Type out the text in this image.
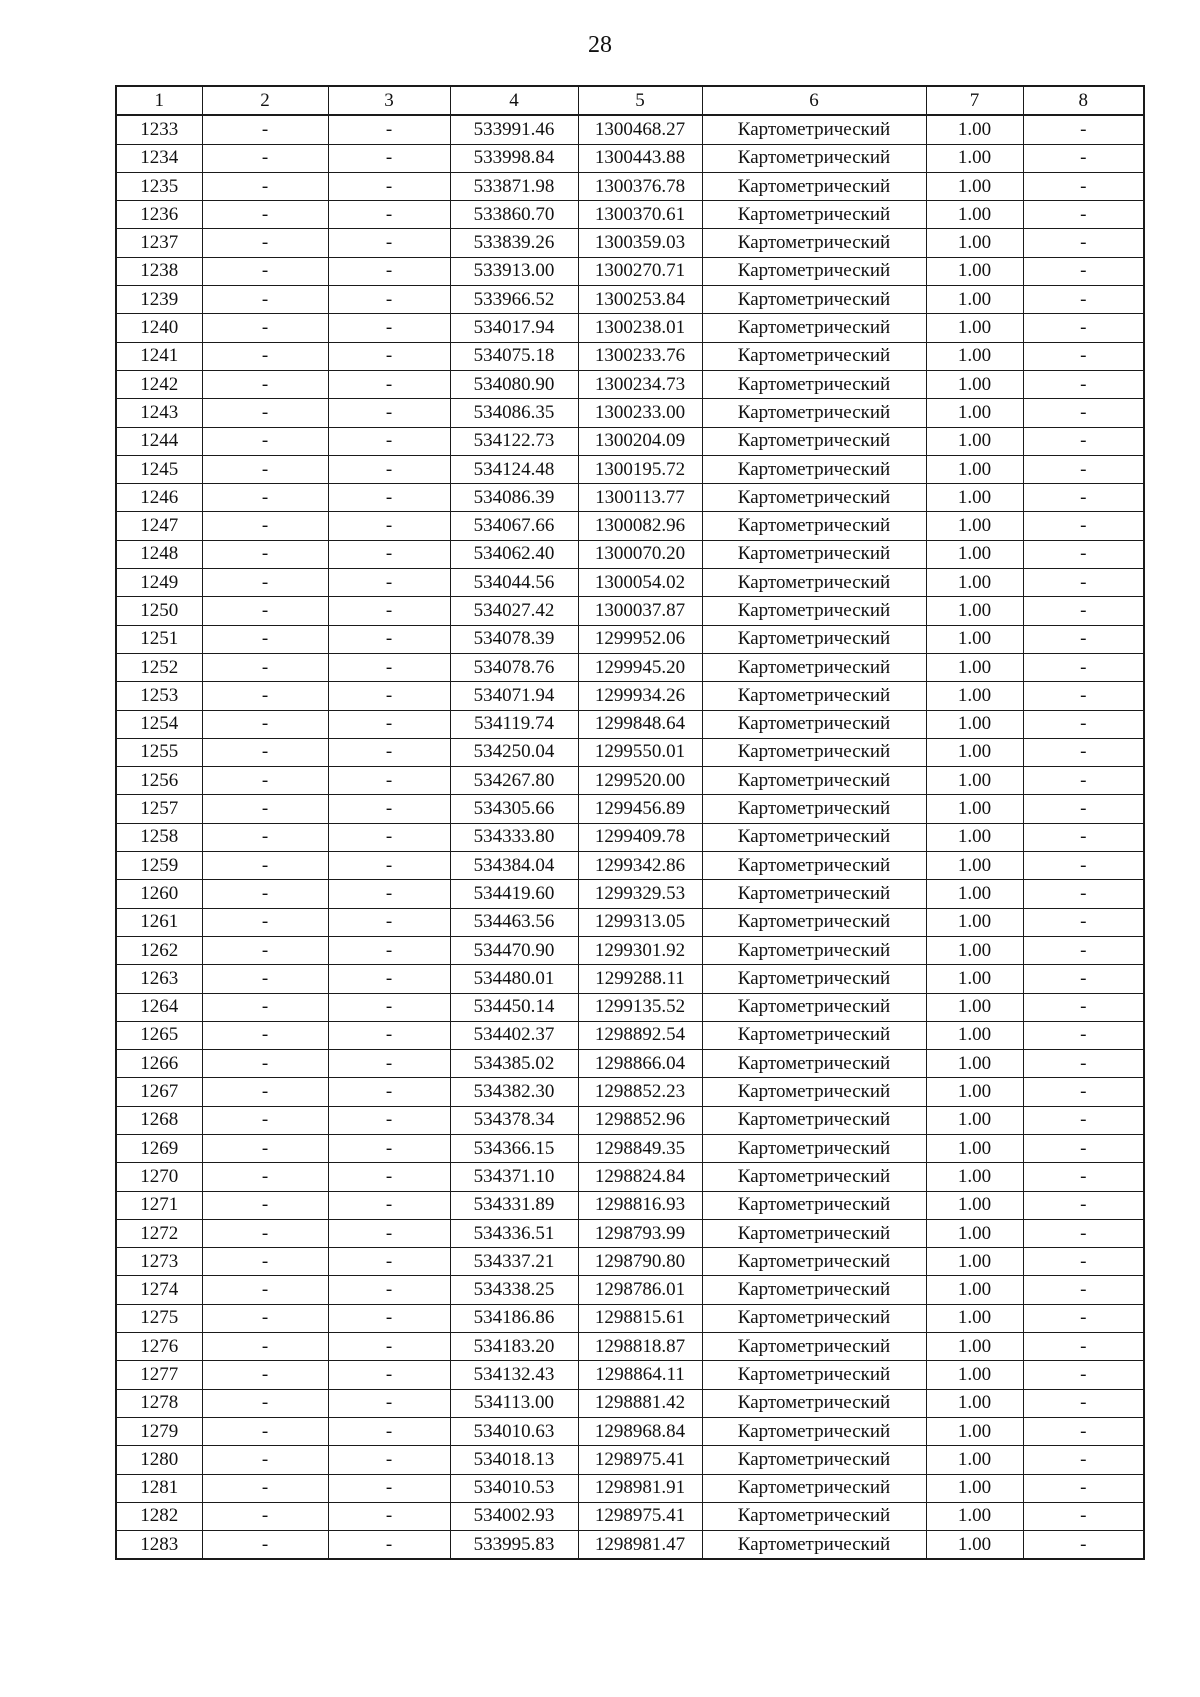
28
1	2	3	4	5	6	7	8
1233	-	-	533991.46	1300468.27	Картометрический	1.00	-
1234	-	-	533998.84	1300443.88	Картометрический	1.00	-
1235	-	-	533871.98	1300376.78	Картометрический	1.00	-
1236	-	-	533860.70	1300370.61	Картометрический	1.00	-
1237	-	-	533839.26	1300359.03	Картометрический	1.00	-
1238	-	-	533913.00	1300270.71	Картометрический	1.00	-
1239	-	-	533966.52	1300253.84	Картометрический	1.00	-
1240	-	-	534017.94	1300238.01	Картометрический	1.00	-
1241	-	-	534075.18	1300233.76	Картометрический	1.00	-
1242	-	-	534080.90	1300234.73	Картометрический	1.00	-
1243	-	-	534086.35	1300233.00	Картометрический	1.00	-
1244	-	-	534122.73	1300204.09	Картометрический	1.00	-
1245	-	-	534124.48	1300195.72	Картометрический	1.00	-
1246	-	-	534086.39	1300113.77	Картометрический	1.00	-
1247	-	-	534067.66	1300082.96	Картометрический	1.00	-
1248	-	-	534062.40	1300070.20	Картометрический	1.00	-
1249	-	-	534044.56	1300054.02	Картометрический	1.00	-
1250	-	-	534027.42	1300037.87	Картометрический	1.00	-
1251	-	-	534078.39	1299952.06	Картометрический	1.00	-
1252	-	-	534078.76	1299945.20	Картометрический	1.00	-
1253	-	-	534071.94	1299934.26	Картометрический	1.00	-
1254	-	-	534119.74	1299848.64	Картометрический	1.00	-
1255	-	-	534250.04	1299550.01	Картометрический	1.00	-
1256	-	-	534267.80	1299520.00	Картометрический	1.00	-
1257	-	-	534305.66	1299456.89	Картометрический	1.00	-
1258	-	-	534333.80	1299409.78	Картометрический	1.00	-
1259	-	-	534384.04	1299342.86	Картометрический	1.00	-
1260	-	-	534419.60	1299329.53	Картометрический	1.00	-
1261	-	-	534463.56	1299313.05	Картометрический	1.00	-
1262	-	-	534470.90	1299301.92	Картометрический	1.00	-
1263	-	-	534480.01	1299288.11	Картометрический	1.00	-
1264	-	-	534450.14	1299135.52	Картометрический	1.00	-
1265	-	-	534402.37	1298892.54	Картометрический	1.00	-
1266	-	-	534385.02	1298866.04	Картометрический	1.00	-
1267	-	-	534382.30	1298852.23	Картометрический	1.00	-
1268	-	-	534378.34	1298852.96	Картометрический	1.00	-
1269	-	-	534366.15	1298849.35	Картометрический	1.00	-
1270	-	-	534371.10	1298824.84	Картометрический	1.00	-
1271	-	-	534331.89	1298816.93	Картометрический	1.00	-
1272	-	-	534336.51	1298793.99	Картометрический	1.00	-
1273	-	-	534337.21	1298790.80	Картометрический	1.00	-
1274	-	-	534338.25	1298786.01	Картометрический	1.00	-
1275	-	-	534186.86	1298815.61	Картометрический	1.00	-
1276	-	-	534183.20	1298818.87	Картометрический	1.00	-
1277	-	-	534132.43	1298864.11	Картометрический	1.00	-
1278	-	-	534113.00	1298881.42	Картометрический	1.00	-
1279	-	-	534010.63	1298968.84	Картометрический	1.00	-
1280	-	-	534018.13	1298975.41	Картометрический	1.00	-
1281	-	-	534010.53	1298981.91	Картометрический	1.00	-
1282	-	-	534002.93	1298975.41	Картометрический	1.00	-
1283	-	-	533995.83	1298981.47	Картометрический	1.00	-
